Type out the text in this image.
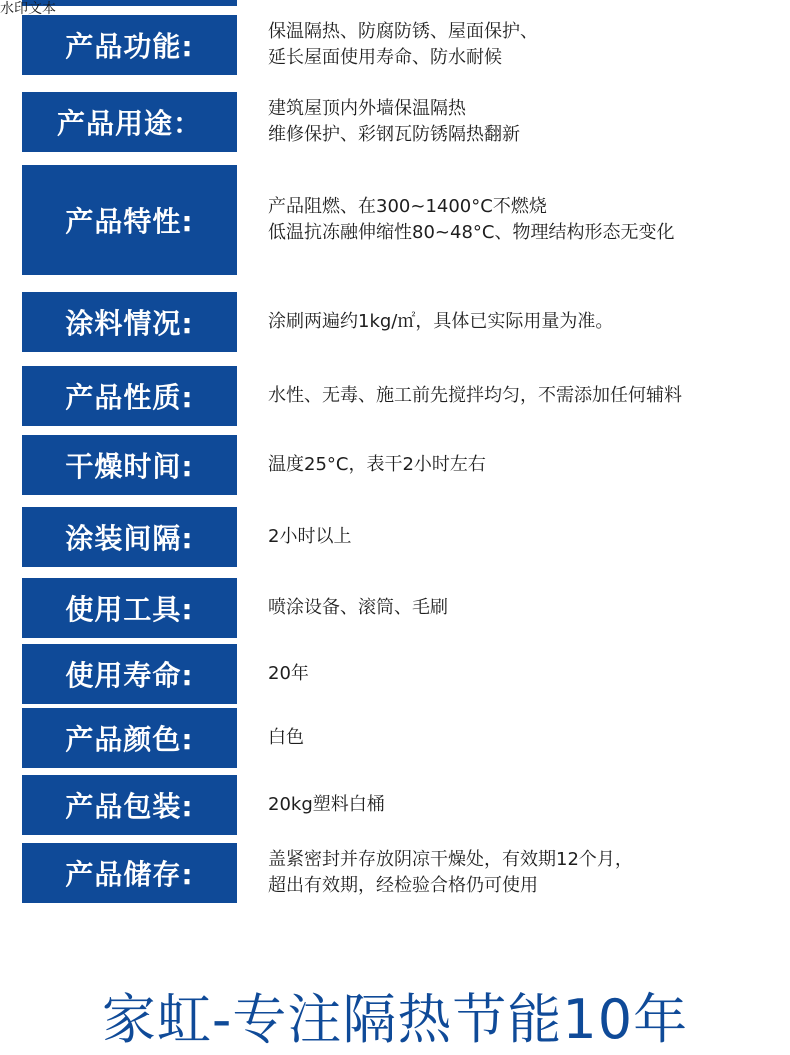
水印文本
产品功能:	保温隔热、防腐防锈、屋面保护、
延长屋面使用寿命、防水耐候
产品用途：	建筑屋顶内外墙保温隔热
维修保护、彩钢瓦防锈隔热翻新
产品特性:	产品阻燃、在300~1400°C不燃烧
低温抗冻融伸缩性80~48°C、物理结构形态无变化
涂料情况:	涂刷两遍约1kg/㎡，具体已实际用量为准。
产品性质:	水性、无毒、施工前先搅拌均匀，不需添加任何辅料
干燥时间:	温度25°C，表干2小时左右
涂装间隔:	2小时以上
使用工具:	喷涂设备、滚筒、毛刷
使用寿命:	20年
产品颜色:	白色
产品包装:	20kg塑料白桶
产品储存:	盖紧密封并存放阴凉干燥处，有效期12个月，
超出有效期，经检验合格仍可使用
家虹-专注隔热节能10年
